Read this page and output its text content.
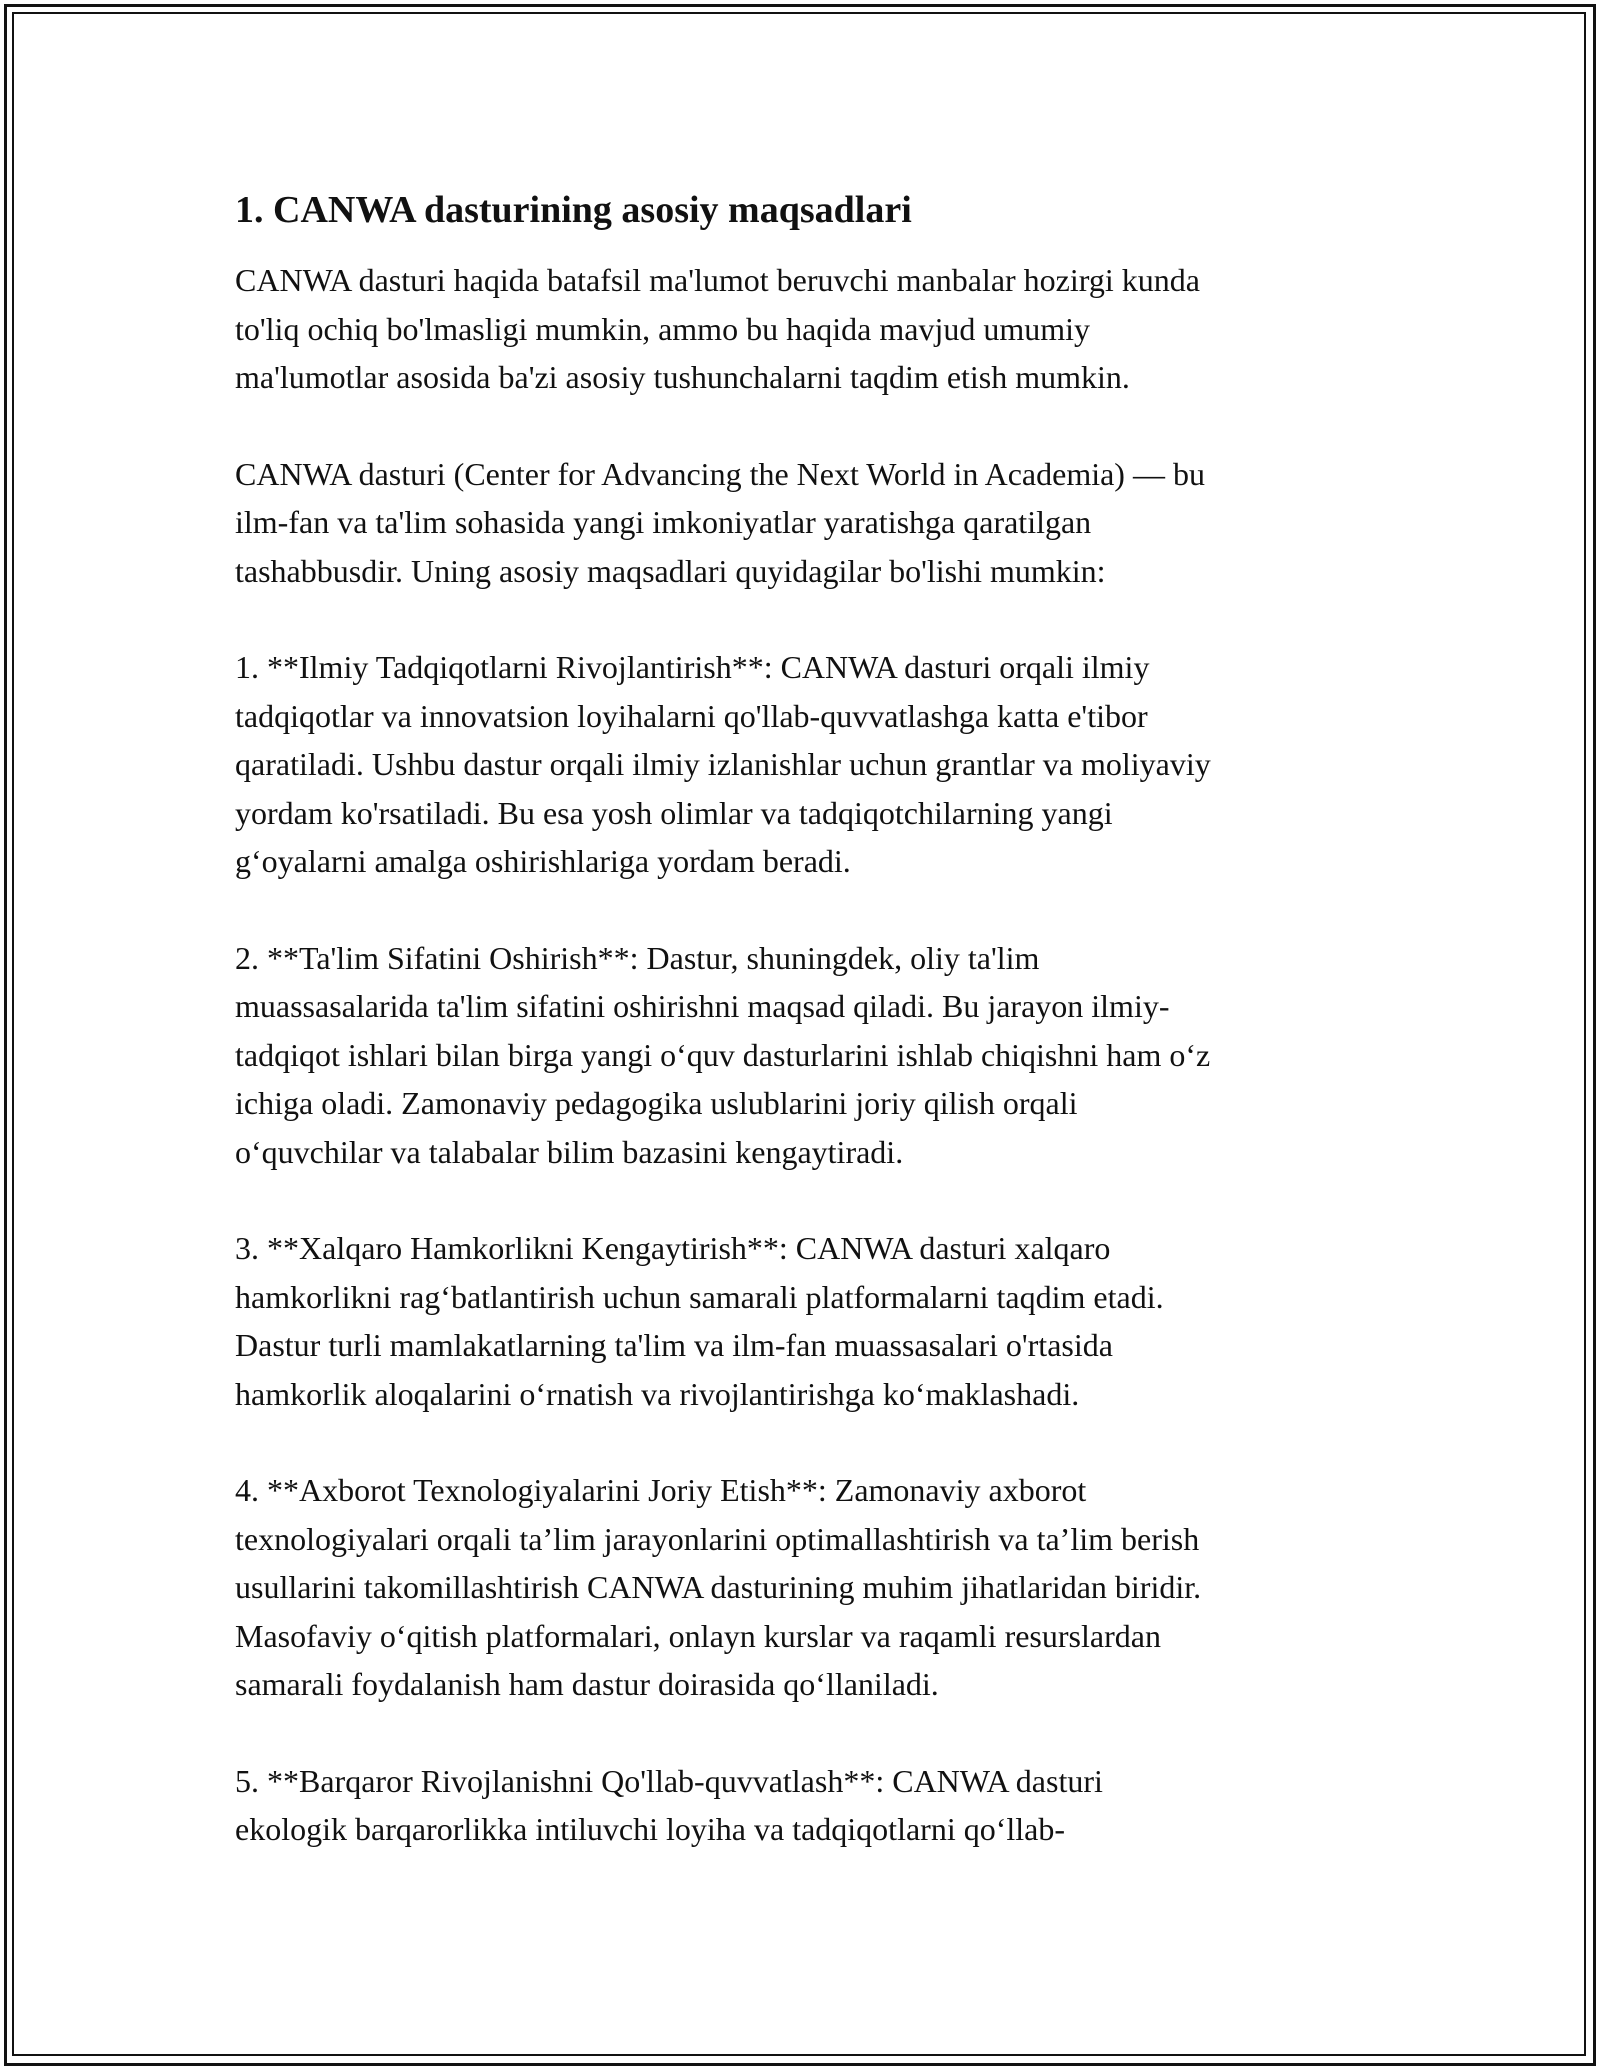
1. CANWA dasturining asosiy maqsadlari

CANWA dasturi haqida batafsil ma'lumot beruvchi manbalar hozirgi kunda
to'liq ochiq bo'lmasligi mumkin, ammo bu haqida mavjud umumiy
ma'lumotlar asosida ba'zi asosiy tushunchalarni taqdim etish mumkin.

CANWA dasturi (Center for Advancing the Next World in Academia) — bu
ilm-fan va ta'lim sohasida yangi imkoniyatlar yaratishga qaratilgan
tashabbusdir. Uning asosiy maqsadlari quyidagilar bo'lishi mumkin:

1. **Ilmiy Tadqiqotlarni Rivojlantirish**: CANWA dasturi orqali ilmiy
tadqiqotlar va innovatsion loyihalarni qo'llab-quvvatlashga katta e'tibor
qaratiladi. Ushbu dastur orqali ilmiy izlanishlar uchun grantlar va moliyaviy
yordam ko'rsatiladi. Bu esa yosh olimlar va tadqiqotchilarning yangi
g‘oyalarni amalga oshirishlariga yordam beradi.

2. **Ta'lim Sifatini Oshirish**: Dastur, shuningdek, oliy ta'lim
muassasalarida ta'lim sifatini oshirishni maqsad qiladi. Bu jarayon ilmiy-
tadqiqot ishlari bilan birga yangi o‘quv dasturlarini ishlab chiqishni ham o‘z
ichiga oladi. Zamonaviy pedagogika uslublarini joriy qilish orqali
o‘quvchilar va talabalar bilim bazasini kengaytiradi.

3. **Xalqaro Hamkorlikni Kengaytirish**: CANWA dasturi xalqaro
hamkorlikni rag‘batlantirish uchun samarali platformalarni taqdim etadi.
Dastur turli mamlakatlarning ta'lim va ilm-fan muassasalari o'rtasida
hamkorlik aloqalarini o‘rnatish va rivojlantirishga ko‘maklashadi.

4. **Axborot Texnologiyalarini Joriy Etish**: Zamonaviy axborot
texnologiyalari orqali ta’lim jarayonlarini optimallashtirish va ta’lim berish
usullarini takomillashtirish CANWA dasturining muhim jihatlaridan biridir.
Masofaviy o‘qitish platformalari, onlayn kurslar va raqamli resurslardan
samarali foydalanish ham dastur doirasida qo‘llaniladi.

5. **Barqaror Rivojlanishni Qo'llab-quvvatlash**: CANWA dasturi
ekologik barqarorlikka intiluvchi loyiha va tadqiqotlarni qo‘llab-
